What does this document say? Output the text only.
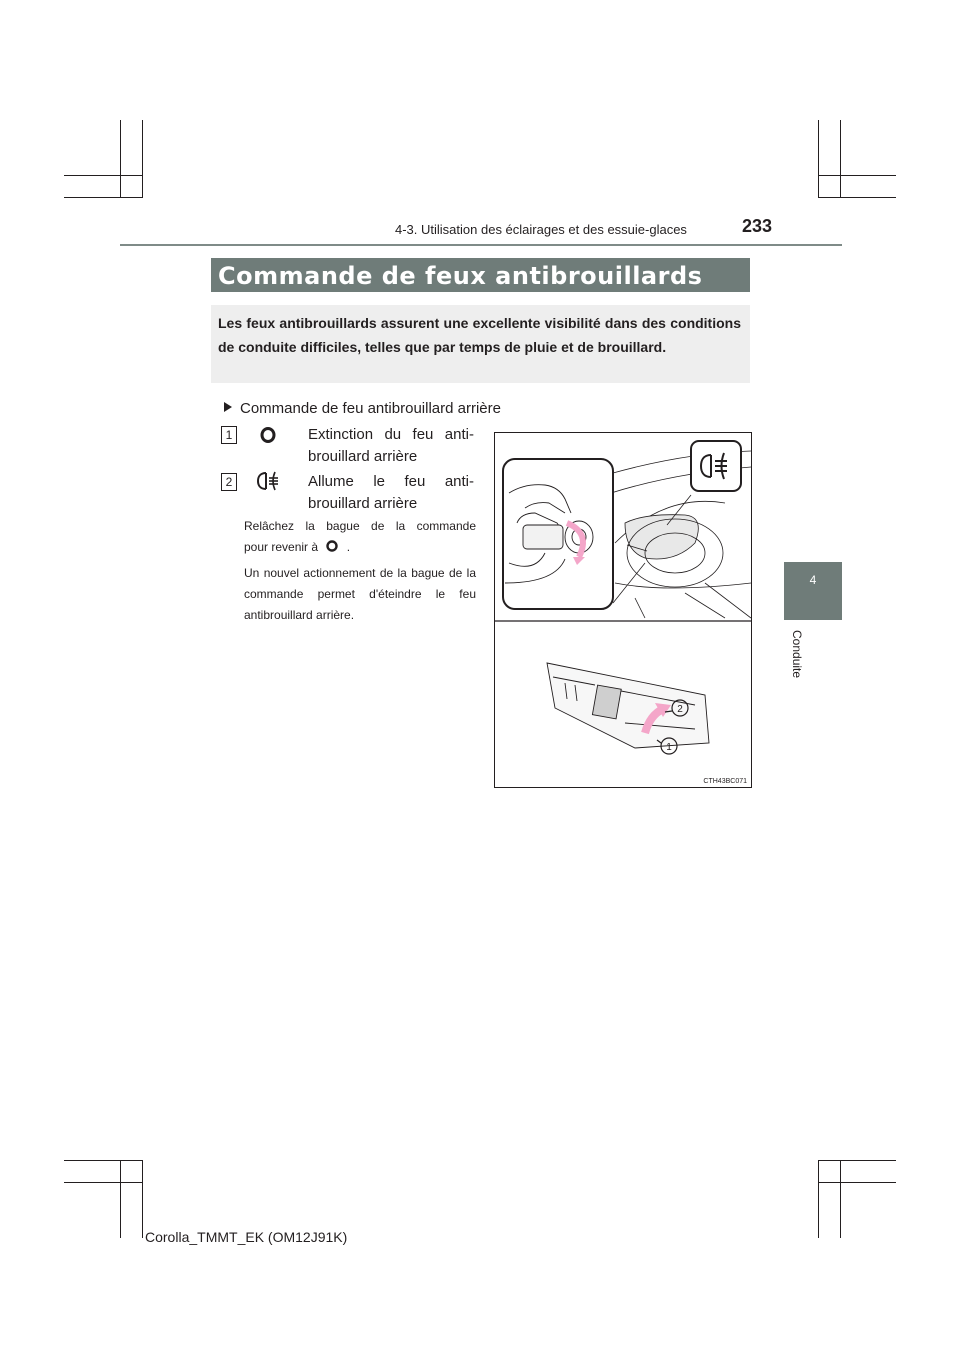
4-3. Utilisation des éclairages et des essuie-glaces	233
4
Conduite
Commande de feux antibrouillards
Les feux antibrouillards assurent une excellente visibilité dans des conditions de conduite difficiles, telles que par temps de pluie et de brouillard.
Commande de feu antibrouillard arrière
1	Extinction du feu anti-
brouillard arrière
2	Allume le feu anti-
brouillard arrière
Relâchez la bague de la commande
pour revenir à .
Un nouvel actionnement de la bague de la commande permet d'éteindre le feu antibrouillard arrière.
2
1
CTH43BC071
Corolla_TMMT_EK (OM12J91K)
